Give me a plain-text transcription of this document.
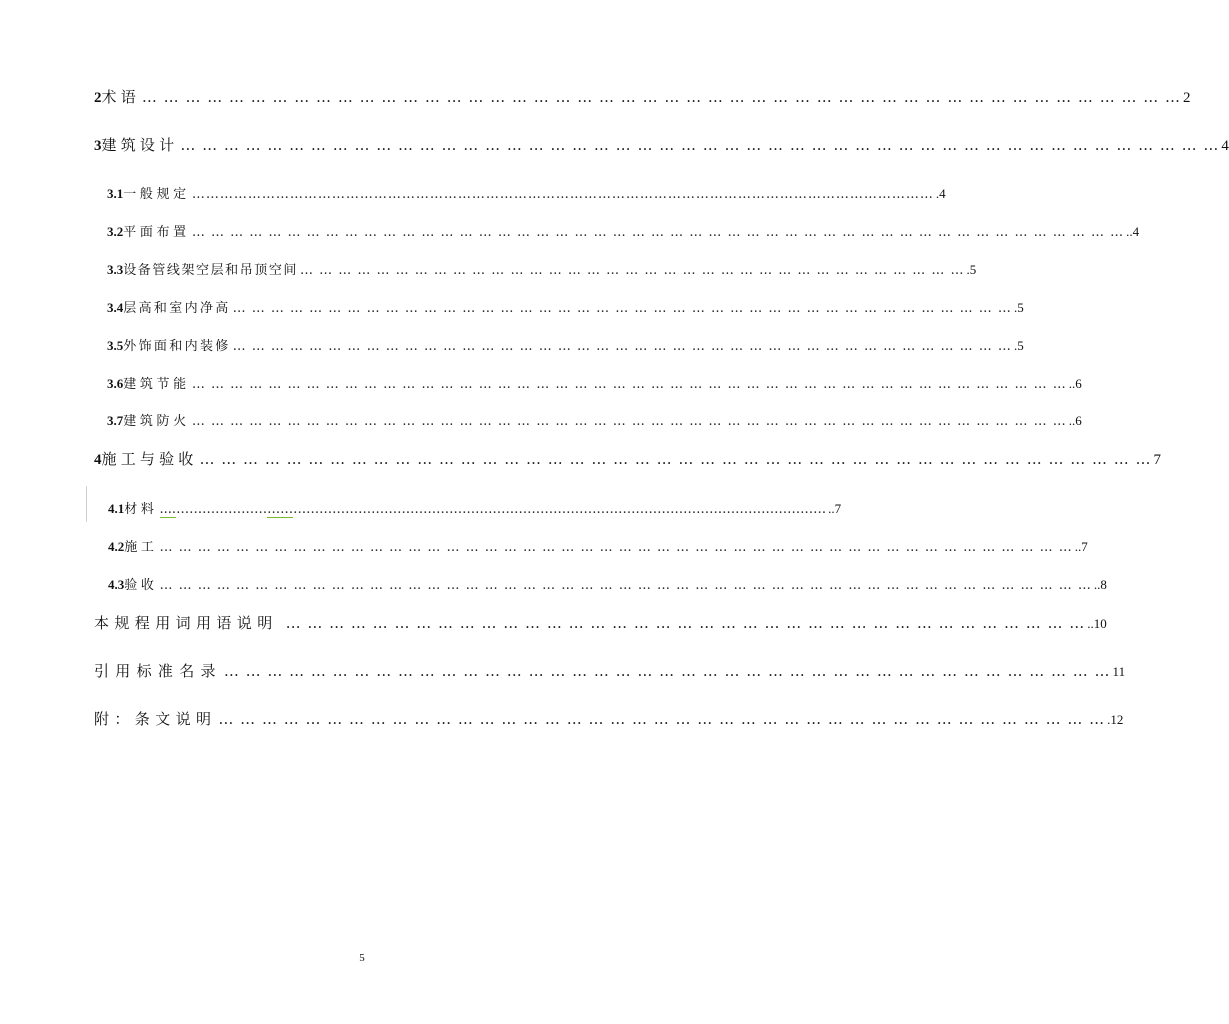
2 术语 … … … … … … … … … … … … … … … … … … … … … … … … … … … … … … … … … … … … … … … … … … … … … … … … 2
3 建筑设计 … … … … … … … … … … … … … … … … … … … … … … … … … … … … … … … … … … … … … … … … … … … … … … … … 4
3.1 一般规定 …………………………………………………………………………………………………………………………………………… .4
3.2 平面布置 … … … … … … … … … … … … … … … … … … … … … … … … … … … … … … … … … … … … … … … … … … … … … … … … … ..4
3.3 设备管线架空层和吊顶空间 … … … … … … … … … … … … … … … … … … … … … … … … … … … … … … … … … … … .5
3.4 层高和室内净高 … … … … … … … … … … … … … … … … … … … … … … … … … … … … … … … … … … … … … … … … … .5
3.5 外饰面和内装修 … … … … … … … … … … … … … … … … … … … … … … … … … … … … … … … … … … … … … … … … … .5
3.6 建筑节能 … … … … … … … … … … … … … … … … … … … … … … … … … … … … … … … … … … … … … … … … … … … … … … ..6
3.7 建筑防火 … … … … … … … … … … … … … … … … … … … … … … … … … … … … … … … … … … … … … … … … … … … … … … ..6
4 施工与验收 … … … … … … … … … … … … … … … … … … … … … … … … … … … … … … … … … … … … … … … … … … … … 7
4.1 材料 ....…………………………………………………………………………………………………………………………………… ..7
4.2 施工 … … … … … … … … … … … … … … … … … … … … … … … … … … … … … … … … … … … … … … … … … … … … … … … … ..7
4.3 验收 … … … … … … … … … … … … … … … … … … … … … … … … … … … … … … … … … … … … … … … … … … … … … … … … … ..8
本规程用词用语说明 … … … … … … … … … … … … … … … … … … … … … … … … … … … … … … … … … … … … … ..10
引用标准名录 … … … … … … … … … … … … … … … … … … … … … … … … … … … … … … … … … … … … … … … … … 11
附：条文说明 … … … … … … … … … … … … … … … … … … … … … … … … … … … … … … … … … … … … … … … … … .12
5
